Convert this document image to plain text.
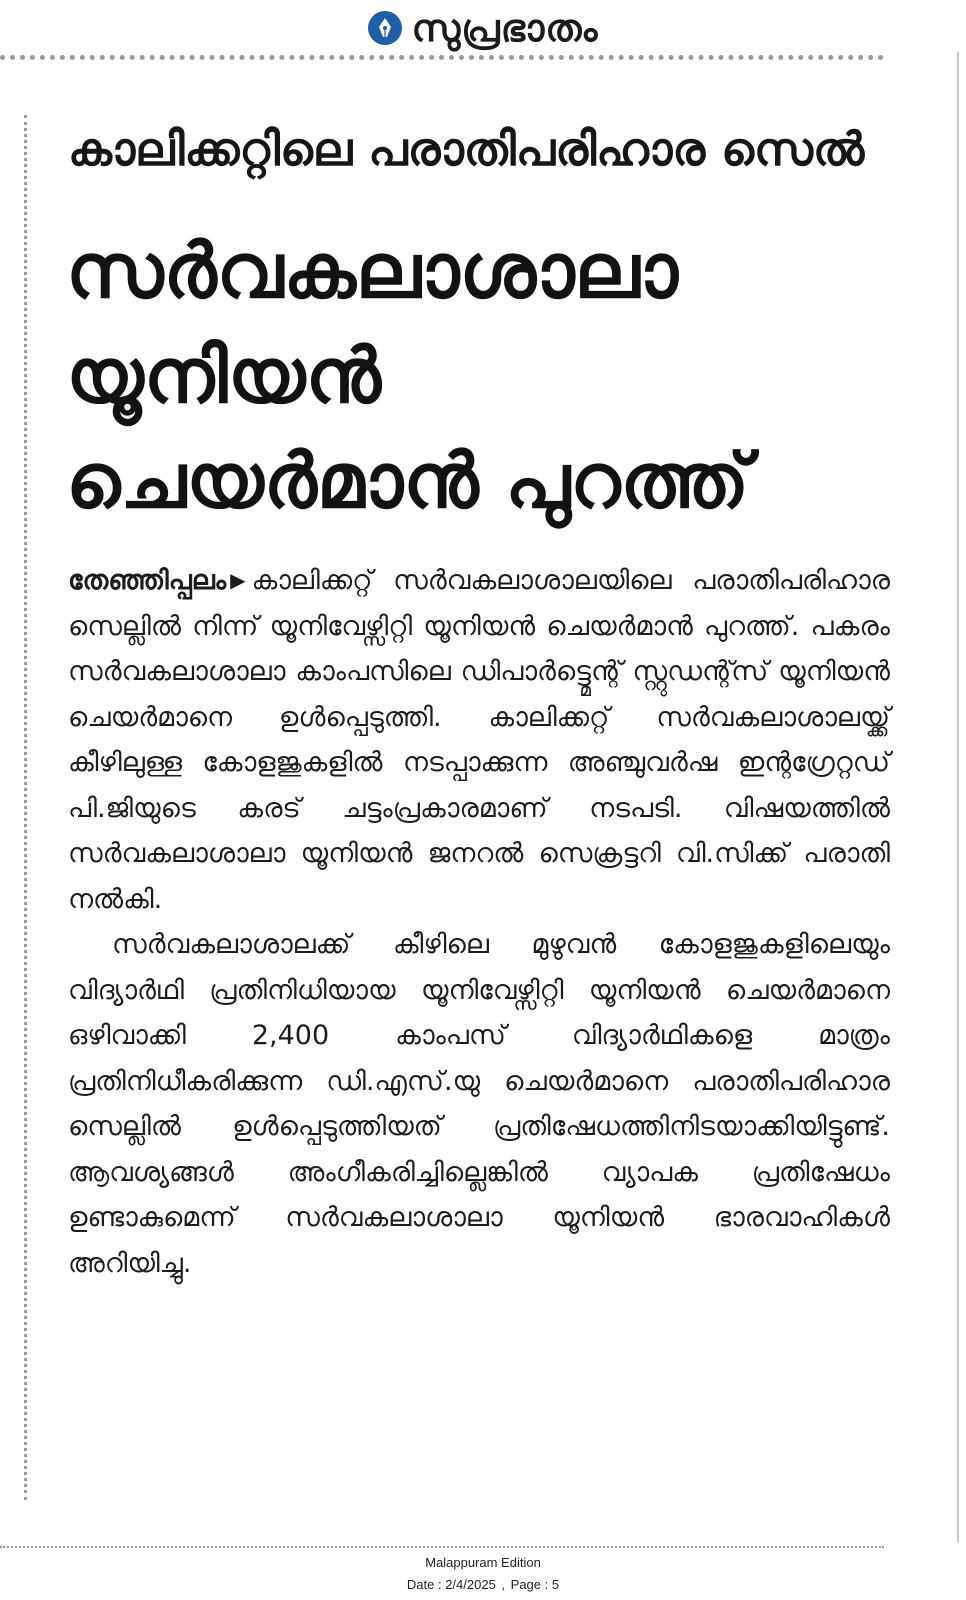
സുപ്രഭാതം
കാലിക്കറ്റിലെ പരാതിപരിഹാര സെൽ
സർവകലാശാലാ
യൂനിയൻ
ചെയർമാൻ പുറത്ത്

തേഞ്ഞിപ്പലം ▶ കാലിക്കറ്റ് സർവകലാശാലയിലെ പരാതിപരിഹാര സെല്ലിൽ നിന്ന് യൂനിവേഴ്സിറ്റി യൂനിയൻ ചെയർമാൻ പുറത്ത്. പകരം സർവകലാശാലാ കാംപസിലെ ഡിപാർട്ട്മെന്റ് സ്റ്റുഡന്റ്സ് യൂനിയൻ ചെയർമാനെ ഉൾപ്പെടുത്തി. കാലിക്കറ്റ് സർവകലാശാലയ്ക്ക് കീഴിലുള്ള കോളജുകളിൽ നടപ്പാക്കുന്ന അഞ്ചുവർഷ ഇന്റഗ്രേറ്റഡ് പി.ജിയുടെ കരട് ചട്ടംപ്രകാരമാണ് നടപടി. വിഷയത്തിൽ സർവകലാശാലാ യൂനിയൻ ജനറൽ സെക്രട്ടറി വി.സിക്ക് പരാതി നൽകി.

സർവകലാശാലക്ക് കീഴിലെ മുഴുവൻ കോളജുകളിലെയും വിദ്യാർഥി പ്രതിനിധിയായ യൂനിവേഴ്സിറ്റി യൂനിയൻ ചെയർമാനെ ഒഴിവാക്കി 2,400 കാംപസ് വിദ്യാർഥികളെ മാത്രം പ്രതിനിധീകരിക്കുന്ന ഡി.എസ്.യു ചെയർമാനെ പരാതിപരിഹാര സെല്ലിൽ ഉൾപ്പെടുത്തിയത് പ്രതിഷേധത്തിനിടയാക്കിയിട്ടുണ്ട്. ആവശ്യങ്ങൾ അംഗീകരിച്ചില്ലെങ്കിൽ വ്യാപക പ്രതിഷേധം ഉണ്ടാകുമെന്ന് സർവകലാശാലാ യൂനിയൻ ഭാരവാഹികൾ അറിയിച്ചു.

Malappuram Edition
Date : 2/4/2025 , Page : 5
